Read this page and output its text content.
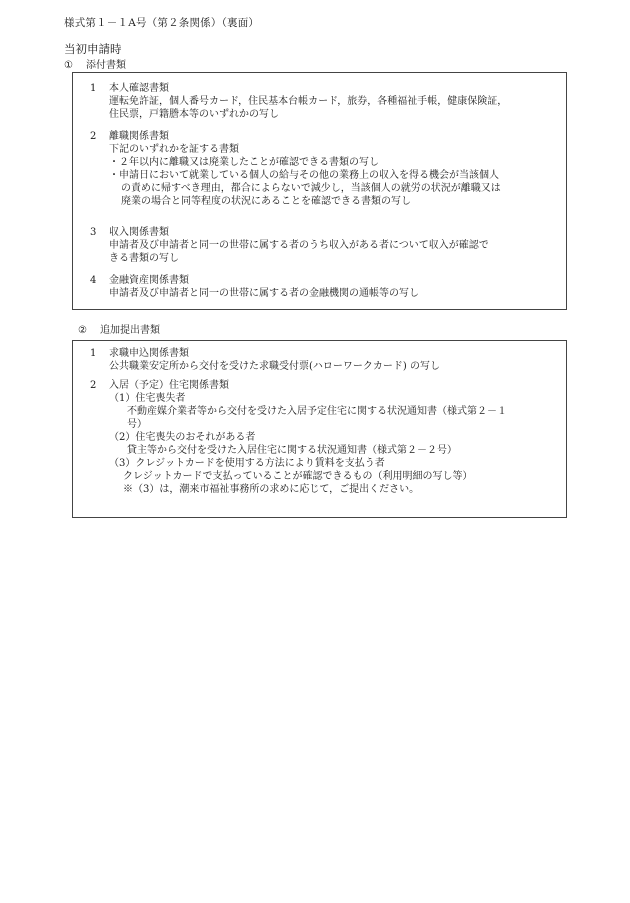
様式第１－１A号（第２条関係）（裏面）
当初申請時
① 添付書類
1	本人確認書類
運転免許証，個人番号カード，住民基本台帳カード，旅券，各種福祉手帳，健康保険証，
住民票，戸籍謄本等のいずれかの写し
2	離職関係書類
下記のいずれかを証する書類
・２年以内に離職又は廃業したことが確認できる書類の写し
・申請日において就業している個人の給与その他の業務上の収入を得る機会が当該個人
の責めに帰すべき理由，都合によらないで減少し，当該個人の就労の状況が離職又は
廃業の場合と同等程度の状況にあることを確認できる書類の写し
3	収入関係書類
申請者及び申請者と同一の世帯に属する者のうち収入がある者について収入が確認で
きる書類の写し
4	金融資産関係書類
申請者及び申請者と同一の世帯に属する者の金融機関の通帳等の写し
② 追加提出書類
1	求職申込関係書類
公共職業安定所から交付を受けた求職受付票(ハローワークカード) の写し
2	入居（予定）住宅関係書類
（1）住宅喪失者
不動産媒介業者等から交付を受けた入居予定住宅に関する状況通知書（様式第２－１
号）
（2）住宅喪失のおそれがある者
貸主等から交付を受けた入居住宅に関する状況通知書（様式第２－２号）
（3）クレジットカードを使用する方法により賃料を支払う者
クレジットカードで支払っていることが確認できるもの（利用明細の写し等）
※（3）は，潮来市福祉事務所の求めに応じて，ご提出ください。
